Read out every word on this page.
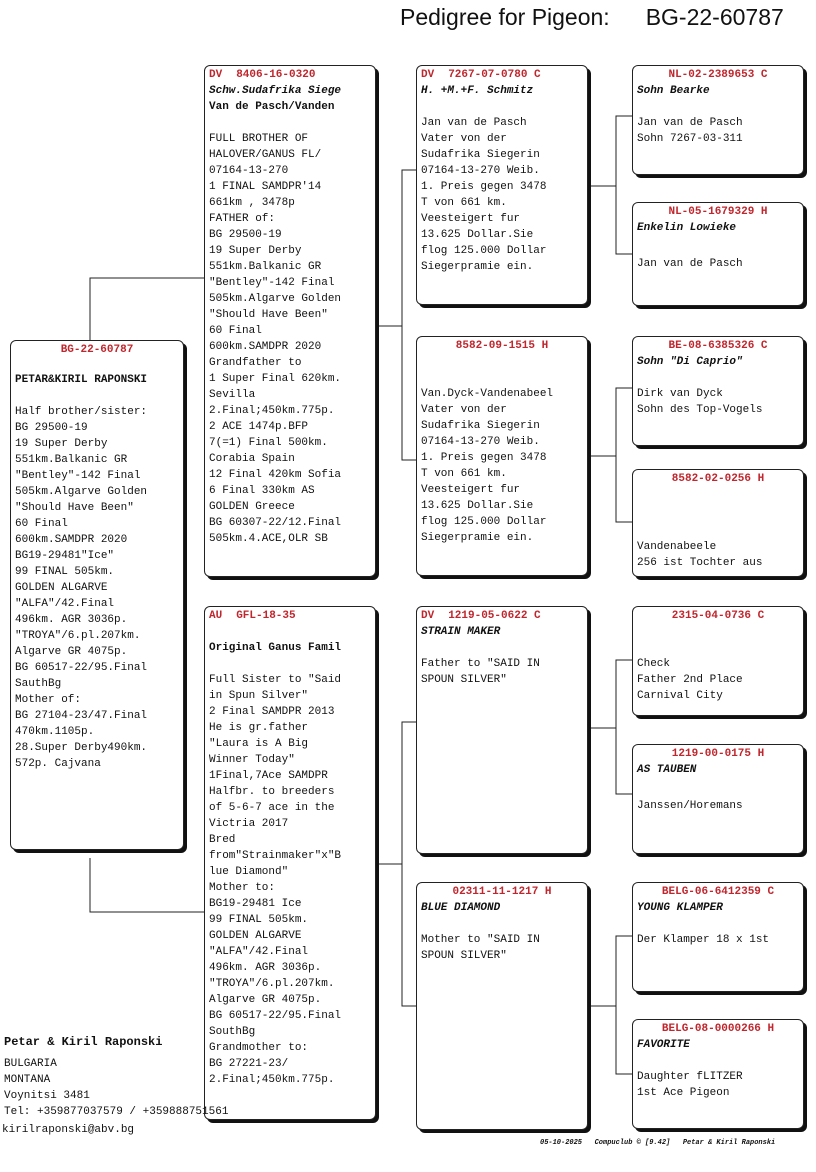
Pedigree for Pigeon: BG-22-60787
BG-22-60787
PETAR&KIRIL RAPONSKI
Half brother/sister:
BG 29500-19
19 Super Derby
551km.Balkanic GR
"Bentley"-142 Final
505km.Algarve Golden
"Should Have Been"
60 Final
600km.SAMDPR 2020
BG19-29481"Ice"
99 FINAL 505km.
GOLDEN ALGARVE
"ALFA"/42.Final
496km. AGR 3036p.
"TROYA"/6.pl.207km.
Algarve GR 4075p.
BG 60517-22/95.Final
SauthBg
Mother of:
BG 27104-23/47.Final
470km.1105p.
28.Super Derby490km.
572p. Cajvana
DV 8406-16-0320
Schw.Sudafrika Siege
Van de Pasch/Vanden
FULL BROTHER OF
HALOVER/GANUS FL/
07164-13-270
1 FINAL SAMDPR'14
661km , 3478p
FATHER of:
BG 29500-19
19 Super Derby
551km.Balkanic GR
"Bentley"-142 Final
505km.Algarve Golden
"Should Have Been"
60 Final
600km.SAMDPR 2020
Grandfather to
1 Super Final 620km.
Sevilla
2.Final;450km.775p.
2 ACE 1474p.BFP
7(=1) Final 500km.
Corabia Spain
12 Final 420km Sofia
6 Final 330km AS
GOLDEN Greece
BG 60307-22/12.Final
505km.4.ACE,OLR SB
AU GFL-18-35
Original Ganus Famil
Full Sister to "Said
in Spun Silver"
2 Final SAMDPR 2013
He is gr.father
"Laura is A Big
Winner Today"
1Final,7Ace SAMDPR
Halfbr. to breeders
of 5-6-7 ace in the
Victria 2017
Bred
from"Strainmaker"x"B
lue Diamond"
Mother to:
BG19-29481 Ice
99 FINAL 505km.
GOLDEN ALGARVE
"ALFA"/42.Final
496km. AGR 3036p.
"TROYA"/6.pl.207km.
Algarve GR 4075p.
BG 60517-22/95.Final
SouthBg
Grandmother to:
BG 27221-23/
2.Final;450km.775p.
DV 7267-07-0780 C
H. +M.+F. Schmitz
Jan van de Pasch
Vater von der
Sudafrika Siegerin
07164-13-270 Weib.
1. Preis gegen 3478
T von 661 km.
Veesteigert fur
13.625 Dollar.Sie
flog 125.000 Dollar
Siegerpramie ein.
8582-09-1515 H
Van.Dyck-Vandenabeel
Vater von der
Sudafrika Siegerin
07164-13-270 Weib.
1. Preis gegen 3478
T von 661 km.
Veesteigert fur
13.625 Dollar.Sie
flog 125.000 Dollar
Siegerpramie ein.
DV 1219-05-0622 C
STRAIN MAKER
Father to "SAID IN
SPOUN SILVER"
02311-11-1217 H
BLUE DIAMOND
Mother to "SAID IN
SPOUN SILVER"
NL-02-2389653 C
Sohn Bearke
Jan van de Pasch
Sohn 7267-03-311
NL-05-1679329 H
Enkelin Lowieke
Jan van de Pasch
BE-08-6385326 C
Sohn "Di Caprio"
Dirk van Dyck
Sohn des Top-Vogels
8582-02-0256 H
Vandenabeele
256 ist Tochter aus
2315-04-0736 C
Check
Father 2nd Place
Carnival City
1219-00-0175 H
AS TAUBEN
Janssen/Horemans
BELG-06-6412359 C
YOUNG KLAMPER
Der Klamper 18 x 1st
BELG-08-0000266 H
FAVORITE
Daughter fLITZER
1st Ace Pigeon
Petar & Kiril Raponski
BULGARIA
MONTANA
Voynitsi 3481
Tel: +359877037579 / +359888751561
kirilraponski@abv.bg
05-10-2025   Compuclub © [9.42]   Petar & Kiril Raponski
